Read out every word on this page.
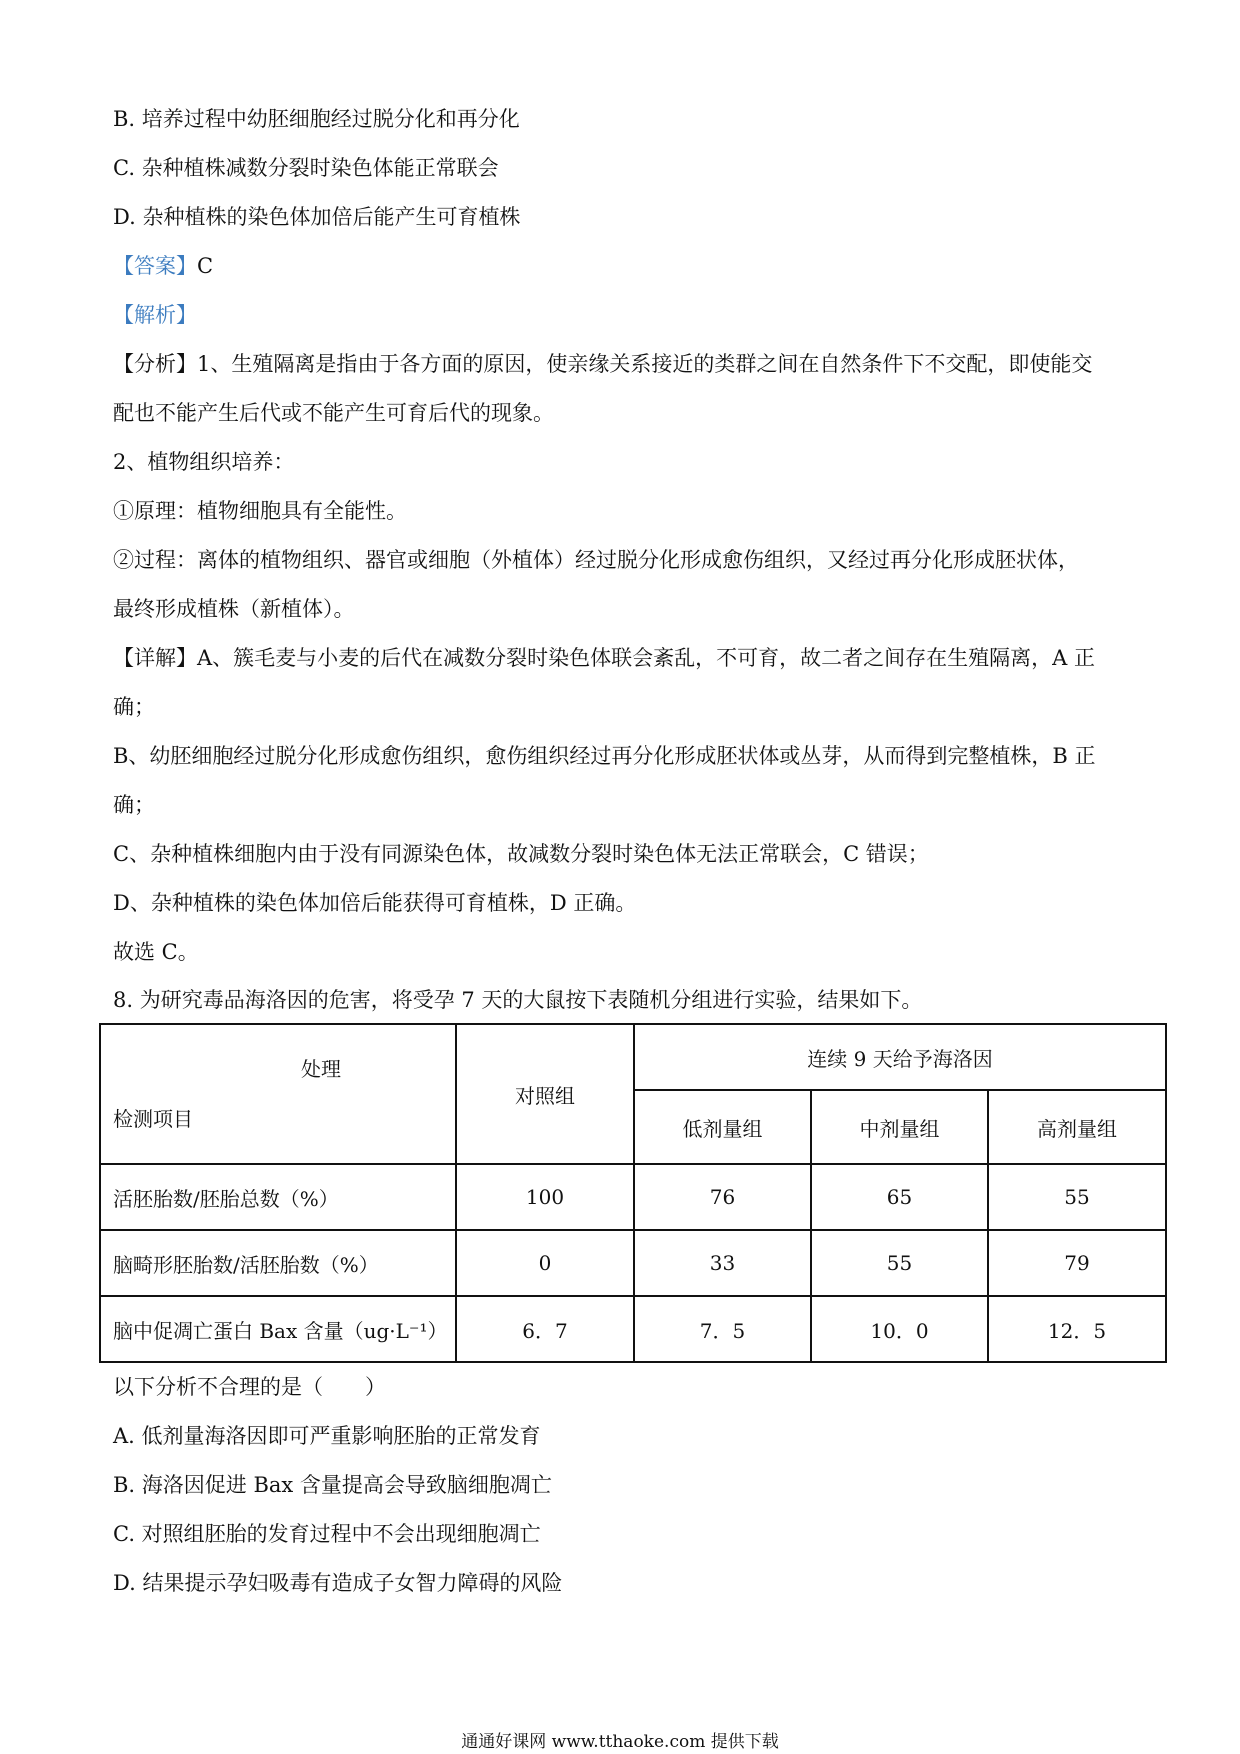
B. 培养过程中幼胚细胞经过脱分化和再分化
C. 杂种植株减数分裂时染色体能正常联会
D. 杂种植株的染色体加倍后能产生可育植株
【答案】C
【解析】
【分析】1、生殖隔离是指由于各方面的原因，使亲缘关系接近的类群之间在自然条件下不交配，即使能交
配也不能产生后代或不能产生可育后代的现象。
2、植物组织培养：
①原理：植物细胞具有全能性。
②过程：离体的植物组织、器官或细胞（外植体）经过脱分化形成愈伤组织，又经过再分化形成胚状体，
最终形成植株（新植体）。
【详解】A、簇毛麦与小麦的后代在减数分裂时染色体联会紊乱，不可育，故二者之间存在生殖隔离，A 正
确；
B、幼胚细胞经过脱分化形成愈伤组织，愈伤组织经过再分化形成胚状体或丛芽，从而得到完整植株，B 正
确；
C、杂种植株细胞内由于没有同源染色体，故减数分裂时染色体无法正常联会，C 错误；
D、杂种植株的染色体加倍后能获得可育植株，D 正确。
故选 C。
8. 为研究毒品海洛因的危害，将受孕 7 天的大鼠按下表随机分组进行实验，结果如下。
处理
检测项目	对照组	连续 9 天给予海洛因		
		低剂量组	中剂量组	高剂量组
活胚胎数/胚胎总数（%）	100	76	65	55
脑畸形胚胎数/活胚胎数（%）	0	33	55	79
脑中促凋亡蛋白 Bax 含量（ug·L⁻¹）	6．7	7．5	10．0	12．5
以下分析不合理的是（　　）
A. 低剂量海洛因即可严重影响胚胎的正常发育
B. 海洛因促进 Bax 含量提高会导致脑细胞凋亡
C. 对照组胚胎的发育过程中不会出现细胞凋亡
D. 结果提示孕妇吸毒有造成子女智力障碍的风险
通通好课网 www.tthaoke.com 提供下载
